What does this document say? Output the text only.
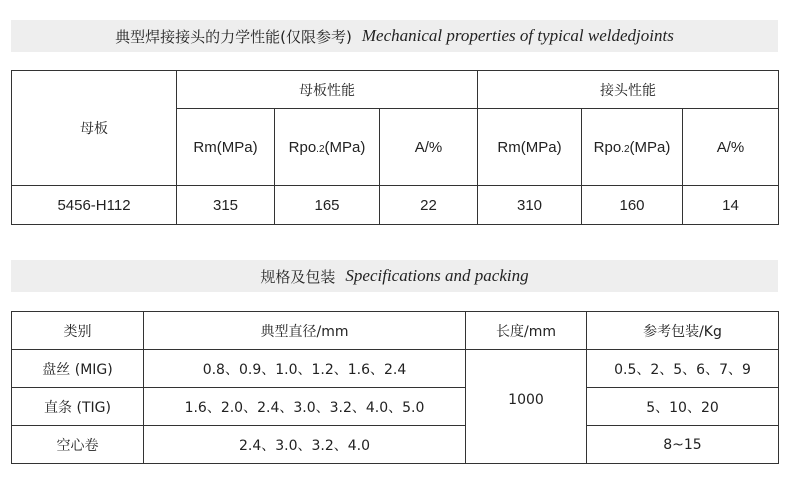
典型焊接接头的力学性能(仅限参考) Mechanical properties of typical weldedjoints
母板	母板性能			接头性能		
	Rm(MPa)	Rpo.2(MPa)	A/%	Rm(MPa)	Rpo.2(MPa)	A/%
5456-H112	315	165	22	310	160	14
规格及包装 Specifications and packing
类别	典型直径/mm	长度/mm	参考包装/Kg
盘丝 (MIG)	0.8、0.9、1.0、1.2、1.6、2.4	1000	0.5、2、5、6、7、9
直条 (TIG)	1.6、2.0、2.4、3.0、3.2、4.0、5.0		5、10、20
空心卷	2.4、3.0、3.2、4.0		8~15
